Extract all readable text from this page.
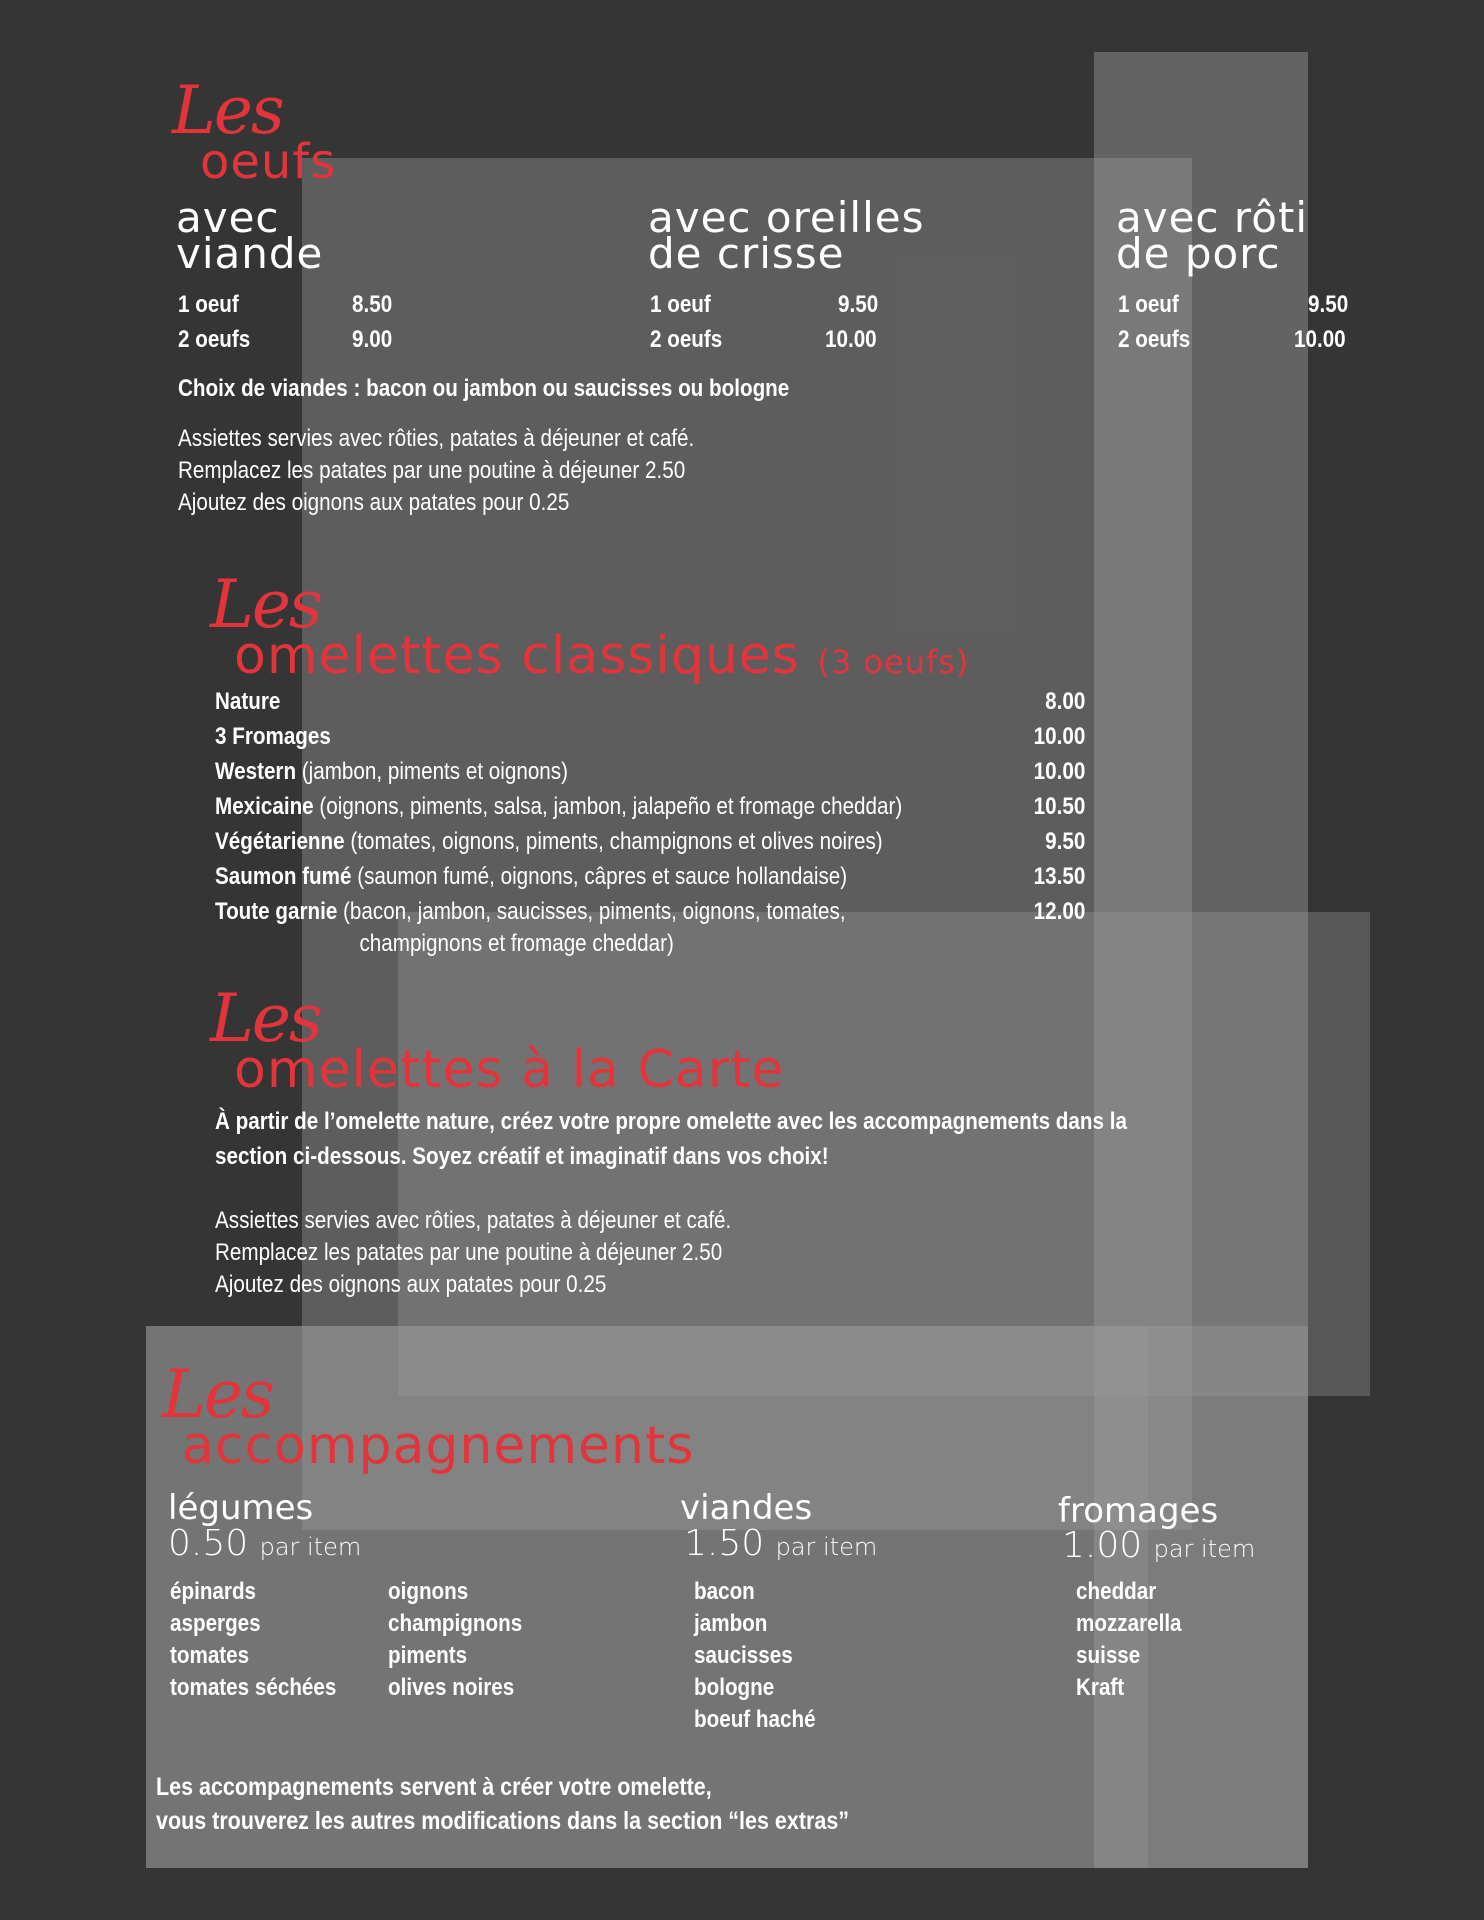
Les
oeufs
avec
viande
avec oreilles
de crisse
avec rôti
de porc
1 oeuf	8.50
2 oeufs	9.00
1 oeuf	9.50
2 oeufs	10.00
1 oeuf	9.50
2 oeufs	10.00
Choix de viandes : bacon ou jambon ou saucisses ou bologne
Assiettes servies avec rôties, patates à déjeuner et café.
Remplacez les patates par une poutine à déjeuner 2.50
Ajoutez des oignons aux patates pour 0.25
Les
omelettes classiques (3 oeufs)
Nature	8.00
3 Fromages	10.00
Western (jambon, piments et oignons)	10.00
Mexicaine (oignons, piments, salsa, jambon, jalapeño et fromage cheddar)	10.50
Végétarienne (tomates, oignons, piments, champignons et olives noires)	9.50
Saumon fumé (saumon fumé, oignons, câpres et sauce hollandaise)	13.50
Toute garnie (bacon, jambon, saucisses, piments, oignons, tomates,	12.00
champignons et fromage cheddar)
Les
omelettes à la Carte
À partir de l’omelette nature, créez votre propre omelette avec les accompagnements dans la
section ci-dessous. Soyez créatif et imaginatif dans vos choix!
Assiettes servies avec rôties, patates à déjeuner et café.
Remplacez les patates par une poutine à déjeuner 2.50
Ajoutez des oignons aux patates pour 0.25
Les
accompagnements
légumes
0.50 par item
épinards
asperges
tomates
tomates séchées
oignons
champignons
piments
olives noires
viandes
1.50 par item
bacon
jambon
saucisses
bologne
boeuf haché
fromages
1.00 par item
cheddar
mozzarella
suisse
Kraft
Les accompagnements servent à créer votre omelette,
vous trouverez les autres modifications dans la section “les extras”
